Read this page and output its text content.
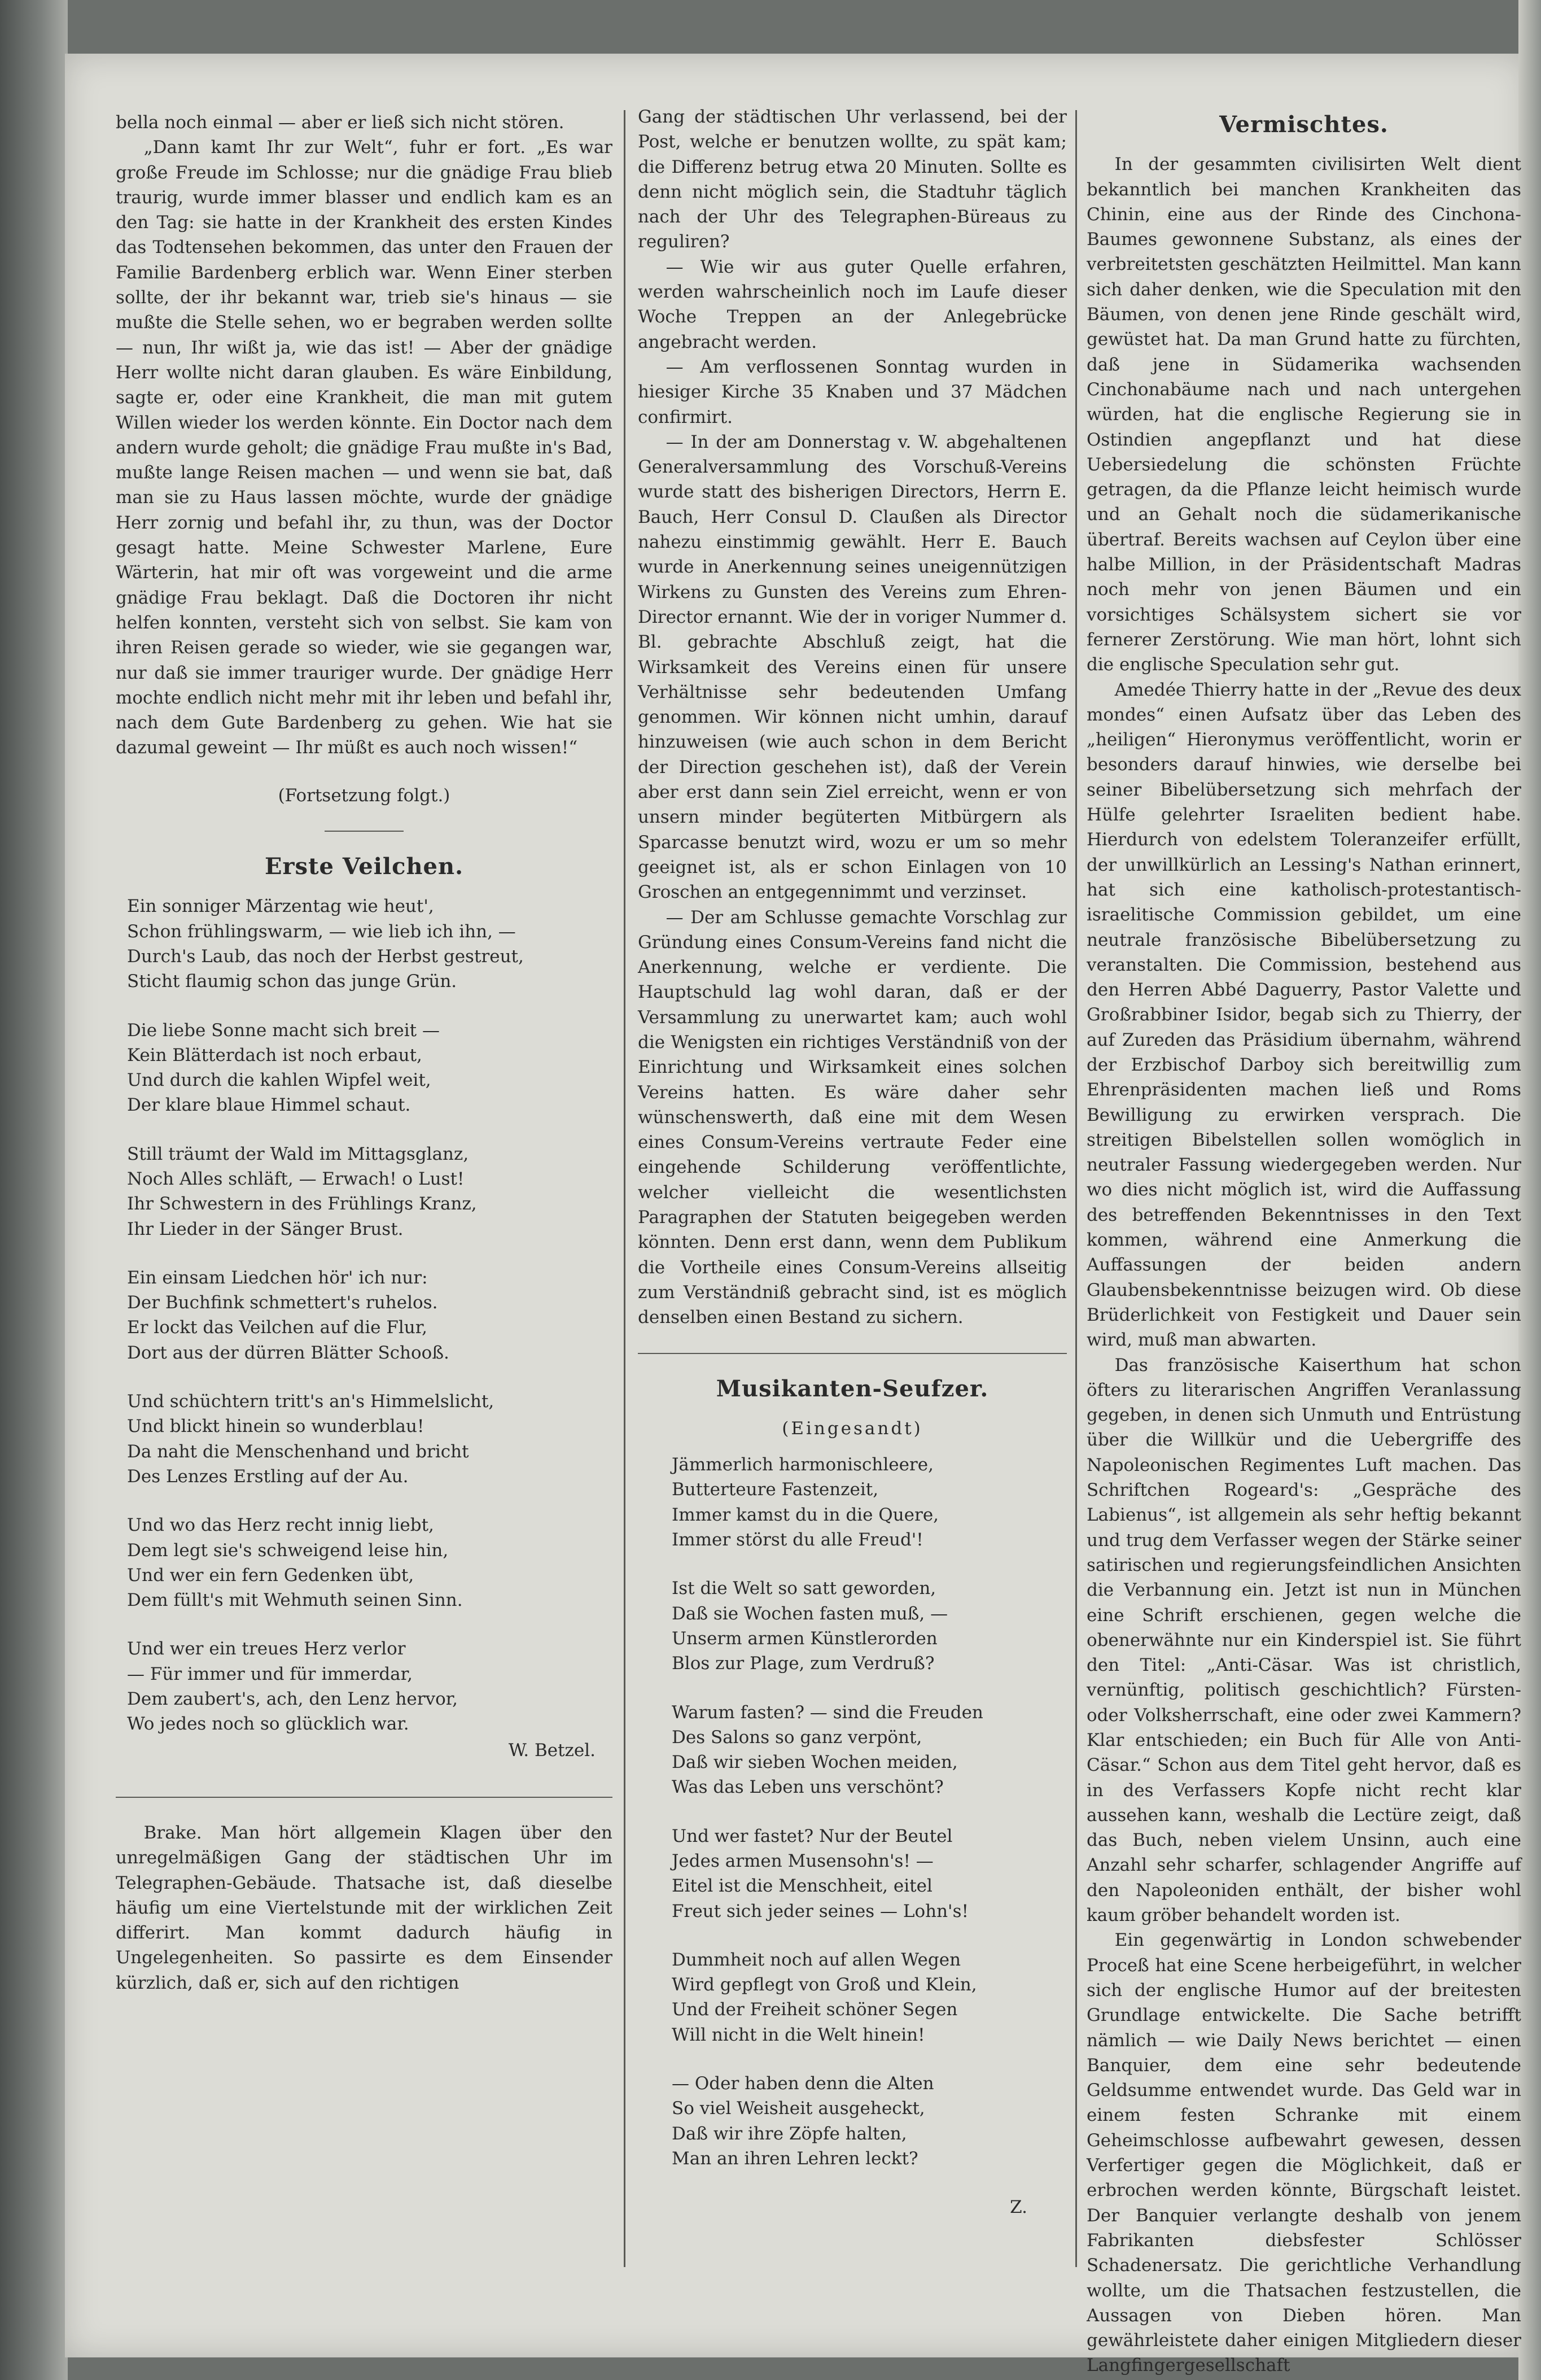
bella noch einmal — aber er ließ sich nicht stören.

„Dann kamt Ihr zur Welt“, fuhr er fort. „Es war große Freude im Schlosse; nur die gnädige Frau blieb traurig, wurde immer blasser und endlich kam es an den Tag: sie hatte in der Krankheit des ersten Kindes das Todtensehen bekommen, das unter den Frauen der Familie Bardenberg erblich war. Wenn Einer sterben sollte, der ihr bekannt war, trieb sie's hinaus — sie mußte die Stelle sehen, wo er begraben werden sollte — nun, Ihr wißt ja, wie das ist! — Aber der gnädige Herr wollte nicht daran glauben. Es wäre Einbildung, sagte er, oder eine Krankheit, die man mit gutem Willen wieder los werden könnte. Ein Doctor nach dem andern wurde geholt; die gnädige Frau mußte in's Bad, mußte lange Reisen machen — und wenn sie bat, daß man sie zu Haus lassen möchte, wurde der gnädige Herr zornig und befahl ihr, zu thun, was der Doctor gesagt hatte. Meine Schwester Marlene, Eure Wärterin, hat mir oft was vorgeweint und die arme gnädige Frau beklagt. Daß die Doctoren ihr nicht helfen konnten, versteht sich von selbst. Sie kam von ihren Reisen gerade so wieder, wie sie gegangen war, nur daß sie immer trauriger wurde. Der gnädige Herr mochte endlich nicht mehr mit ihr leben und befahl ihr, nach dem Gute Bardenberg zu gehen. Wie hat sie dazumal geweint — Ihr müßt es auch noch wissen!“

(Fortsetzung folgt.)
Erste Veilchen.
Ein sonniger Märzentag wie heut',
Schon frühlingswarm, — wie lieb ich ihn, —
Durch's Laub, das noch der Herbst gestreut,
Sticht flaumig schon das junge Grün.
Die liebe Sonne macht sich breit —
Kein Blätterdach ist noch erbaut,
Und durch die kahlen Wipfel weit,
Der klare blaue Himmel schaut.
Still träumt der Wald im Mittagsglanz,
Noch Alles schläft, — Erwach! o Lust!
Ihr Schwestern in des Frühlings Kranz,
Ihr Lieder in der Sänger Brust.
Ein einsam Liedchen hör' ich nur:
Der Buchfink schmettert's ruhelos.
Er lockt das Veilchen auf die Flur,
Dort aus der dürren Blätter Schooß.
Und schüchtern tritt's an's Himmelslicht,
Und blickt hinein so wunderblau!
Da naht die Menschenhand und bricht
Des Lenzes Erstling auf der Au.
Und wo das Herz recht innig liebt,
Dem legt sie's schweigend leise hin,
Und wer ein fern Gedenken übt,
Dem füllt's mit Wehmuth seinen Sinn.
Und wer ein treues Herz verlor
— Für immer und für immerdar,
Dem zaubert's, ach, den Lenz hervor,
Wo jedes noch so glücklich war.
W. Betzel.

Brake. Man hört allgemein Klagen über den unregelmäßigen Gang der städtischen Uhr im Telegraphen-Gebäude. Thatsache ist, daß dieselbe häufig um eine Viertelstunde mit der wirklichen Zeit differirt. Man kommt dadurch häufig in Ungelegenheiten. So passirte es dem Einsender kürzlich, daß er, sich auf den richtigen

Gang der städtischen Uhr verlassend, bei der Post, welche er benutzen wollte, zu spät kam; die Differenz betrug etwa 20 Minuten. Sollte es denn nicht möglich sein, die Stadtuhr täglich nach der Uhr des Telegraphen-Büreaus zu reguliren?

— Wie wir aus guter Quelle erfahren, werden wahrscheinlich noch im Laufe dieser Woche Treppen an der Anlegebrücke angebracht werden.

— Am verflossenen Sonntag wurden in hiesiger Kirche 35 Knaben und 37 Mädchen confirmirt.

— In der am Donnerstag v. W. abgehaltenen Generalversammlung des Vorschuß-Vereins wurde statt des bisherigen Directors, Herrn E. Bauch, Herr Consul D. Claußen als Director nahezu einstimmig gewählt. Herr E. Bauch wurde in Anerkennung seines uneigennützigen Wirkens zu Gunsten des Vereins zum Ehren-Director ernannt. Wie der in voriger Nummer d. Bl. gebrachte Abschluß zeigt, hat die Wirksamkeit des Vereins einen für unsere Verhältnisse sehr bedeutenden Umfang genommen. Wir können nicht umhin, darauf hinzuweisen (wie auch schon in dem Bericht der Direction geschehen ist), daß der Verein aber erst dann sein Ziel erreicht, wenn er von unsern minder begüterten Mitbürgern als Sparcasse benutzt wird, wozu er um so mehr geeignet ist, als er schon Einlagen von 10 Groschen an entgegennimmt und verzinset.

— Der am Schlusse gemachte Vorschlag zur Gründung eines Consum-Vereins fand nicht die Anerkennung, welche er verdiente. Die Hauptschuld lag wohl daran, daß er der Versammlung zu unerwartet kam; auch wohl die Wenigsten ein richtiges Verständniß von der Einrichtung und Wirksamkeit eines solchen Vereins hatten. Es wäre daher sehr wünschenswerth, daß eine mit dem Wesen eines Consum-Vereins vertraute Feder eine eingehende Schilderung veröffentlichte, welcher vielleicht die wesentlichsten Paragraphen der Statuten beigegeben werden könnten. Denn erst dann, wenn dem Publikum die Vortheile eines Consum-Vereins allseitig zum Verständniß gebracht sind, ist es möglich denselben einen Bestand zu sichern.

Musikanten-Seufzer.
(Eingesandt)
Jämmerlich harmonischleere,
Butterteure Fastenzeit,
Immer kamst du in die Quere,
Immer störst du alle Freud'!
Ist die Welt so satt geworden,
Daß sie Wochen fasten muß, —
Unserm armen Künstlerorden
Blos zur Plage, zum Verdruß?
Warum fasten? — sind die Freuden
Des Salons so ganz verpönt,
Daß wir sieben Wochen meiden,
Was das Leben uns verschönt?
Und wer fastet? Nur der Beutel
Jedes armen Musensohn's! —
Eitel ist die Menschheit, eitel
Freut sich jeder seines — Lohn's!
Dummheit noch auf allen Wegen
Wird gepflegt von Groß und Klein,
Und der Freiheit schöner Segen
Will nicht in die Welt hinein!
— Oder haben denn die Alten
So viel Weisheit ausgeheckt,
Daß wir ihre Zöpfe halten,
Man an ihren Lehren leckt?
Z.
Vermischtes.

In der gesammten civilisirten Welt dient bekanntlich bei manchen Krankheiten das Chinin, eine aus der Rinde des Cinchona-Baumes gewonnene Substanz, als eines der verbreitetsten geschätzten Heilmittel. Man kann sich daher denken, wie die Speculation mit den Bäumen, von denen jene Rinde geschält wird, gewüstet hat. Da man Grund hatte zu fürchten, daß jene in Südamerika wachsenden Cinchonabäume nach und nach untergehen würden, hat die englische Regierung sie in Ostindien angepflanzt und hat diese Uebersiedelung die schönsten Früchte getragen, da die Pflanze leicht heimisch wurde und an Gehalt noch die südamerikanische übertraf. Bereits wachsen auf Ceylon über eine halbe Million, in der Präsidentschaft Madras noch mehr von jenen Bäumen und ein vorsichtiges Schälsystem sichert sie vor fernerer Zerstörung. Wie man hört, lohnt sich die englische Speculation sehr gut.

Amedée Thierry hatte in der „Revue des deux mondes“ einen Aufsatz über das Leben des „heiligen“ Hieronymus veröffentlicht, worin er besonders darauf hinwies, wie derselbe bei seiner Bibelübersetzung sich mehrfach der Hülfe gelehrter Israeliten bedient habe. Hierdurch von edelstem Toleranzeifer erfüllt, der unwillkürlich an Lessing's Nathan erinnert, hat sich eine katholisch-protestantisch-israelitische Commission gebildet, um eine neutrale französische Bibelübersetzung zu veranstalten. Die Commission, bestehend aus den Herren Abbé Daguerry, Pastor Valette und Großrabbiner Isidor, begab sich zu Thierry, der auf Zureden das Präsidium übernahm, während der Erzbischof Darboy sich bereitwillig zum Ehrenpräsidenten machen ließ und Roms Bewilligung zu erwirken versprach. Die streitigen Bibelstellen sollen womöglich in neutraler Fassung wiedergegeben werden. Nur wo dies nicht möglich ist, wird die Auffassung des betreffenden Bekenntnisses in den Text kommen, während eine Anmerkung die Auffassungen der beiden andern Glaubensbekenntnisse beizugen wird. Ob diese Brüderlichkeit von Festigkeit und Dauer sein wird, muß man abwarten.

Das französische Kaiserthum hat schon öfters zu literarischen Angriffen Veranlassung gegeben, in denen sich Unmuth und Entrüstung über die Willkür und die Uebergriffe des Napoleonischen Regimentes Luft machen. Das Schriftchen Rogeard's: „Gespräche des Labienus“, ist allgemein als sehr heftig bekannt und trug dem Verfasser wegen der Stärke seiner satirischen und regierungsfeindlichen Ansichten die Verbannung ein. Jetzt ist nun in München eine Schrift erschienen, gegen welche die obenerwähnte nur ein Kinderspiel ist. Sie führt den Titel: „Anti-Cäsar. Was ist christlich, vernünftig, politisch geschichtlich? Fürsten- oder Volksherrschaft, eine oder zwei Kammern? Klar entschieden; ein Buch für Alle von Anti-Cäsar.“ Schon aus dem Titel geht hervor, daß es in des Verfassers Kopfe nicht recht klar aussehen kann, weshalb die Lectüre zeigt, daß das Buch, neben vielem Unsinn, auch eine Anzahl sehr scharfer, schlagender Angriffe auf den Napoleoniden enthält, der bisher wohl kaum gröber behandelt worden ist.

Ein gegenwärtig in London schwebender Proceß hat eine Scene herbeigeführt, in welcher sich der englische Humor auf der breitesten Grundlage entwickelte. Die Sache betrifft nämlich — wie Daily News berichtet — einen Banquier, dem eine sehr bedeutende Geldsumme entwendet wurde. Das Geld war in einem festen Schranke mit einem Geheimschlosse aufbewahrt gewesen, dessen Verfertiger gegen die Möglichkeit, daß er erbrochen werden könnte, Bürgschaft leistet. Der Banquier verlangte deshalb von jenem Fabrikanten diebsfester Schlösser Schadenersatz. Die gerichtliche Verhandlung wollte, um die Thatsachen festzustellen, die Aussagen von Dieben hören. Man gewährleistete daher einigen Mitgliedern dieser Langfingergesellschaft
